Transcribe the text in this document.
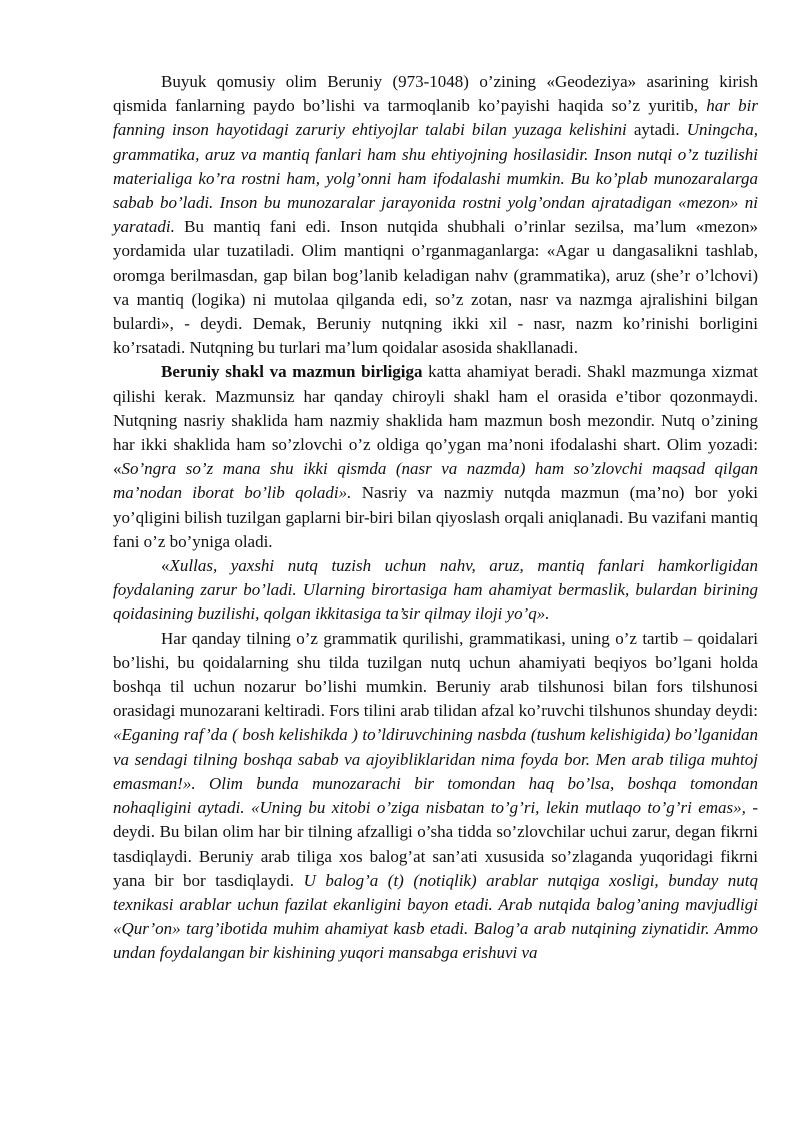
Buyuk qomusiy olim Beruniy (973-1048) o’zining «Geodeziya» asarining kirish qismida fanlarning paydo bo’lishi va tarmoqlanib ko’payishi haqida so’z yuritib, har bir fanning inson hayotidagi zaruriy ehtiyojlar talabi bilan yuzaga kelishini aytadi. Uningcha, grammatika, aruz va mantiq fanlari ham shu ehtiyojning hosilasidir. Inson nutqi o’z tuzilishi materialiga ko’ra rostni ham, yolg’onni ham ifodalashi mumkin. Bu ko’plab munozaralarga sabab bo’ladi. Inson bu munozaralar jarayonida rostni yolg’ondan ajratadigan «mezon» ni yaratadi. Bu mantiq fani edi. Inson nutqida shubhali o’rinlar sezilsa, ma’lum «mezon» yordamida ular tuzatiladi. Olim mantiqni o’rganmaganlarga: «Agar u dangasalikni tashlab, oromga berilmasdan, gap bilan bog’lanib keladigan nahv (grammatika), aruz (she’r o’lchovi) va mantiq (logika) ni mutolaa qilganda edi, so’z zotan, nasr va nazmga ajralishini bilgan bulardi», - deydi. Demak, Beruniy nutqning ikki xil - nasr, nazm ko’rinishi borligini ko’rsatadi. Nutqning bu turlari ma’lum qoidalar asosida shakllanadi.

Beruniy shakl va mazmun birligiga katta ahamiyat beradi. Shakl mazmunga xizmat qilishi kerak. Mazmunsiz har qanday chiroyli shakl ham el orasida e’tibor qozonmaydi. Nutqning nasriy shaklida ham nazmiy shaklida ham mazmun bosh mezondir. Nutq o’zining har ikki shaklida ham so’zlovchi o’z oldiga qo’ygan ma’noni ifodalashi shart. Olim yozadi: «So’ngra so’z mana shu ikki qismda (nasr va nazmda) ham so’zlovchi maqsad qilgan ma’nodan iborat bo’lib qoladi». Nasriy va nazmiy nutqda mazmun (ma’no) bor yoki yo’qligini bilish tuzilgan gaplarni bir-biri bilan qiyoslash orqali aniqlanadi. Bu vazifani mantiq fani o’z bo’yniga oladi.

«Xullas, yaxshi nutq tuzish uchun nahv, aruz, mantiq fanlari hamkorligidan foydalaning zarur bo’ladi. Ularning birortasiga ham ahamiyat bermaslik, bulardan birining qoidasining buzilishi, qolgan ikkitasiga ta’sir qilmay iloji yo’q».

Har qanday tilning o’z grammatik qurilishi, grammatikasi, uning o’z tartib – qoidalari bo’lishi, bu qoidalarning shu tilda tuzilgan nutq uchun ahamiyati beqiyos bo’lgani holda boshqa til uchun nozarur bo’lishi mumkin. Beruniy arab tilshunosi bilan fors tilshunosi orasidagi munozarani keltiradi. Fors tilini arab tilidan afzal ko’ruvchi tilshunos shunday deydi: «Eganing raf’da ( bosh kelishikda ) to’ldiruvchining nasbda (tushum kelishigida) bo’lganidan va sendagi tilning boshqa sabab va ajoyibliklaridan nima foyda bor. Men arab tiliga muhtoj emasman!». Olim bunda munozarachi bir tomondan haq bo’lsa, boshqa tomondan nohaqligini aytadi. «Uning bu xitobi o’ziga nisbatan to’g’ri, lekin mutlaqo to’g’ri emas», - deydi. Bu bilan olim har bir tilning afzalligi o’sha tidda so’zlovchilar uchui zarur, degan fikrni tasdiqlaydi. Beruniy arab tiliga xos balog’at san’ati xususida so’zlaganda yuqoridagi fikrni yana bir bor tasdiqlaydi. U balog’a (t) (notiqlik) arablar nutqiga xosligi, bunday nutq texnikasi arablar uchun fazilat ekanligini bayon etadi. Arab nutqida balog’aning mavjudligi «Qur’on» targ’ibotida muhim ahamiyat kasb etadi. Balog’a arab nutqining ziynatidir. Ammo undan foydalangan bir kishining yuqori mansabga erishuvi va
